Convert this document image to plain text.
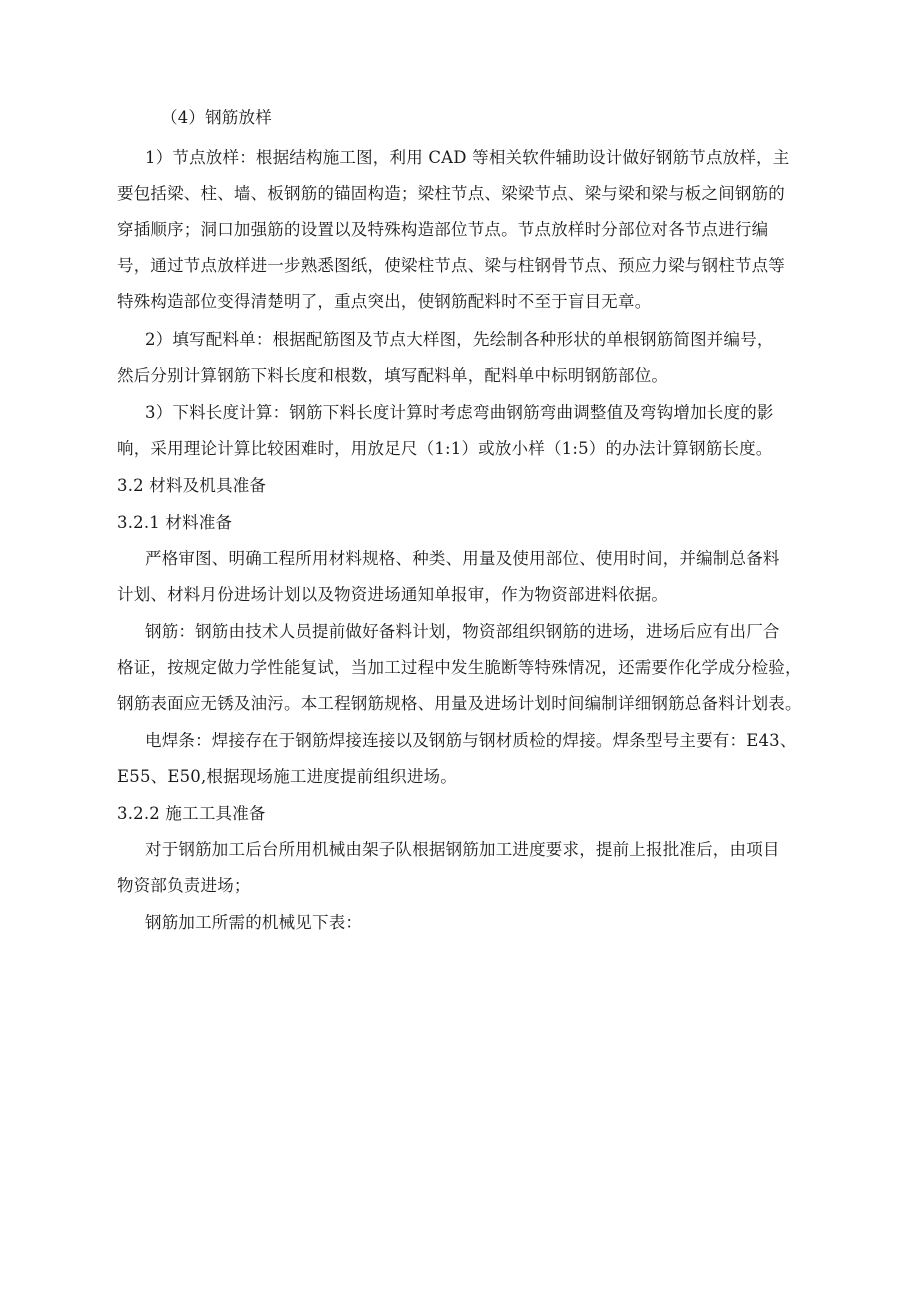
（4）钢筋放样
1）节点放样：根据结构施工图，利用 CAD 等相关软件辅助设计做好钢筋节点放样，主
要包括梁、柱、墙、板钢筋的锚固构造；梁柱节点、梁梁节点、梁与梁和梁与板之间钢筋的
穿插顺序；洞口加强筋的设置以及特殊构造部位节点。节点放样时分部位对各节点进行编
号，通过节点放样进一步熟悉图纸，使梁柱节点、梁与柱钢骨节点、预应力梁与钢柱节点等
特殊构造部位变得清楚明了，重点突出，使钢筋配料时不至于盲目无章。
2）填写配料单：根据配筋图及节点大样图，先绘制各种形状的单根钢筋简图并编号，
然后分别计算钢筋下料长度和根数，填写配料单，配料单中标明钢筋部位。
3）下料长度计算：钢筋下料长度计算时考虑弯曲钢筋弯曲调整值及弯钩增加长度的影
响，采用理论计算比较困难时，用放足尺（1:1）或放小样（1:5）的办法计算钢筋长度。
3.2 材料及机具准备
3.2.1 材料准备
严格审图、明确工程所用材料规格、种类、用量及使用部位、使用时间，并编制总备料
计划、材料月份进场计划以及物资进场通知单报审，作为物资部进料依据。
钢筋：钢筋由技术人员提前做好备料计划，物资部组织钢筋的进场，进场后应有出厂合
格证，按规定做力学性能复试，当加工过程中发生脆断等特殊情况，还需要作化学成分检验，
钢筋表面应无锈及油污。本工程钢筋规格、用量及进场计划时间编制详细钢筋总备料计划表。
电焊条：焊接存在于钢筋焊接连接以及钢筋与钢材质检的焊接。焊条型号主要有：E43、
E55、E50,根据现场施工进度提前组织进场。
3.2.2 施工工具准备
对于钢筋加工后台所用机械由架子队根据钢筋加工进度要求，提前上报批准后，由项目
物资部负责进场；
钢筋加工所需的机械见下表：
